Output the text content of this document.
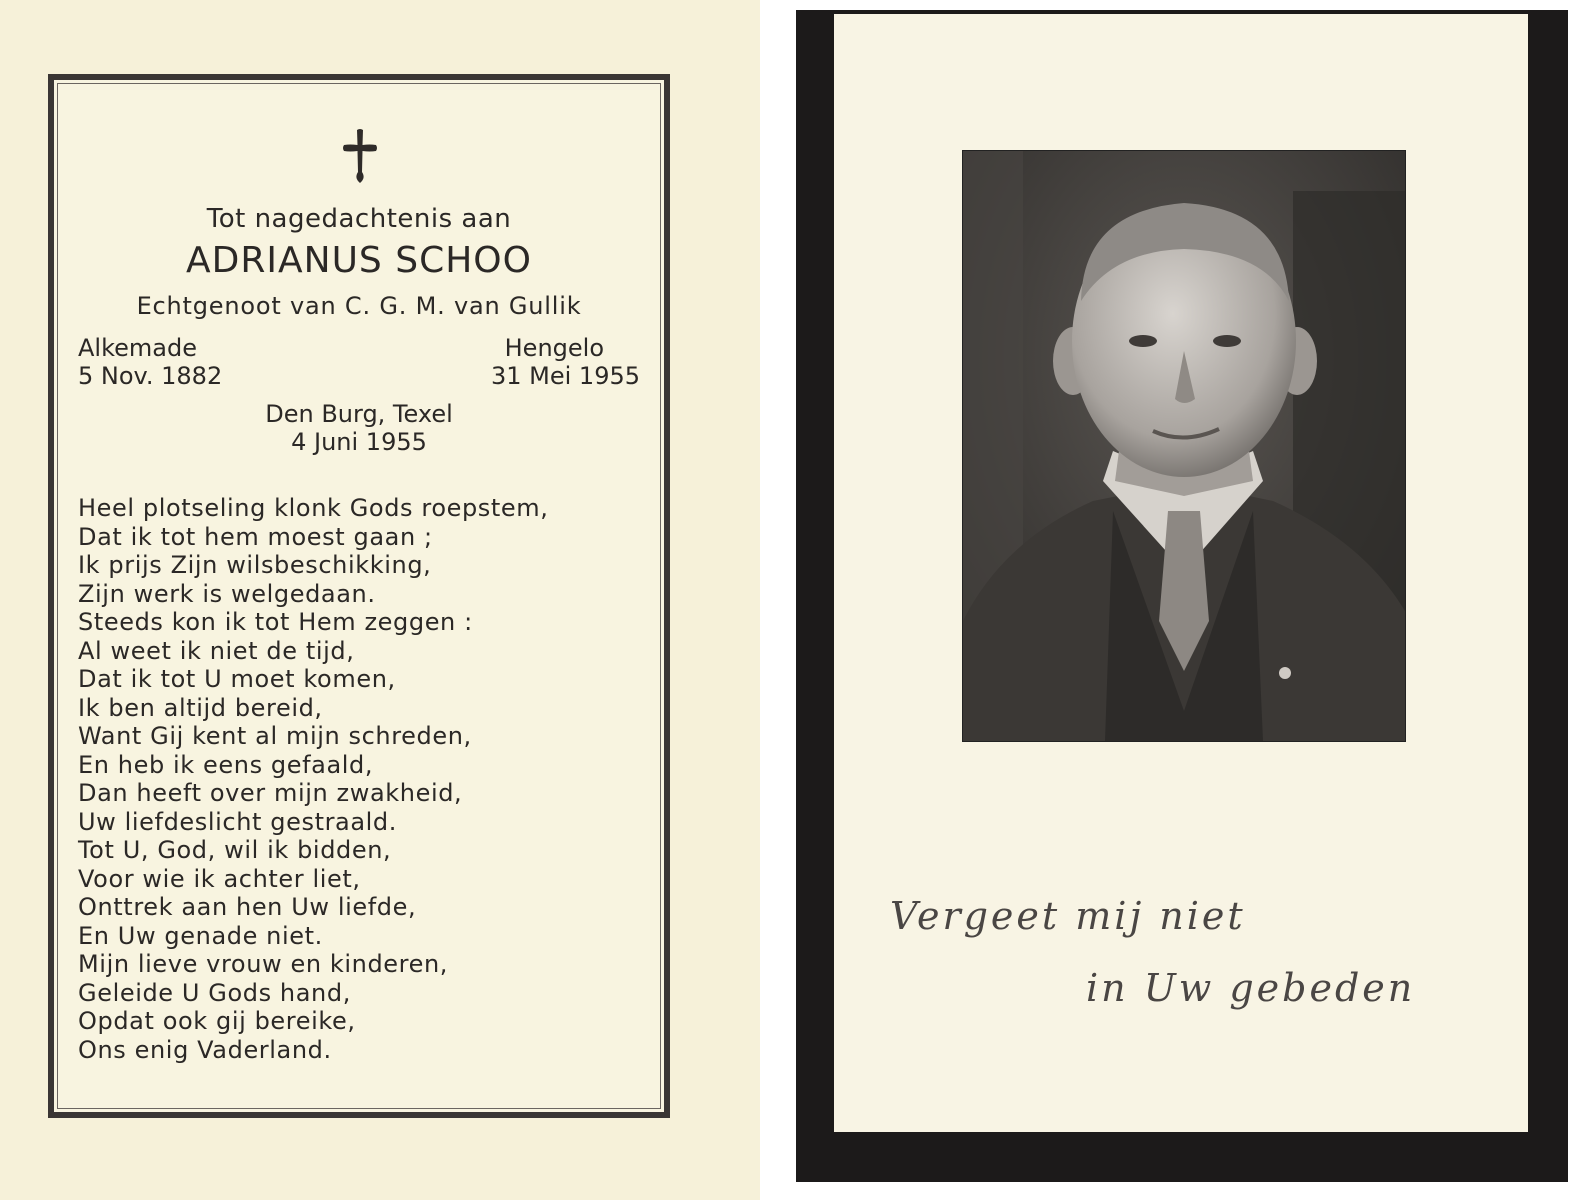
Tot nagedachtenis aan
ADRIANUS SCHOO
Echtgenoot van C. G. M. van Gullik
Alkemade
5 Nov. 1882
Hengelo
31 Mei 1955
Den Burg, Texel
4 Juni 1955
Heel plotseling klonk Gods roepstem,
Dat ik tot hem moest gaan ;
Ik prijs Zijn wilsbeschikking,
Zijn werk is welgedaan.
Steeds kon ik tot Hem zeggen :
Al weet ik niet de tijd,
Dat ik tot U moet komen,
Ik ben altijd bereid,
Want Gij kent al mijn schreden,
En heb ik eens gefaald,
Dan heeft over mijn zwakheid,
Uw liefdeslicht gestraald.
Tot U, God, wil ik bidden,
Voor wie ik achter liet,
Onttrek aan hen Uw liefde,
En Uw genade niet.
Mijn lieve vrouw en kinderen,
Geleide U Gods hand,
Opdat ook gij bereike,
Ons enig Vaderland.
Vergeet mij niet
in Uw gebeden
